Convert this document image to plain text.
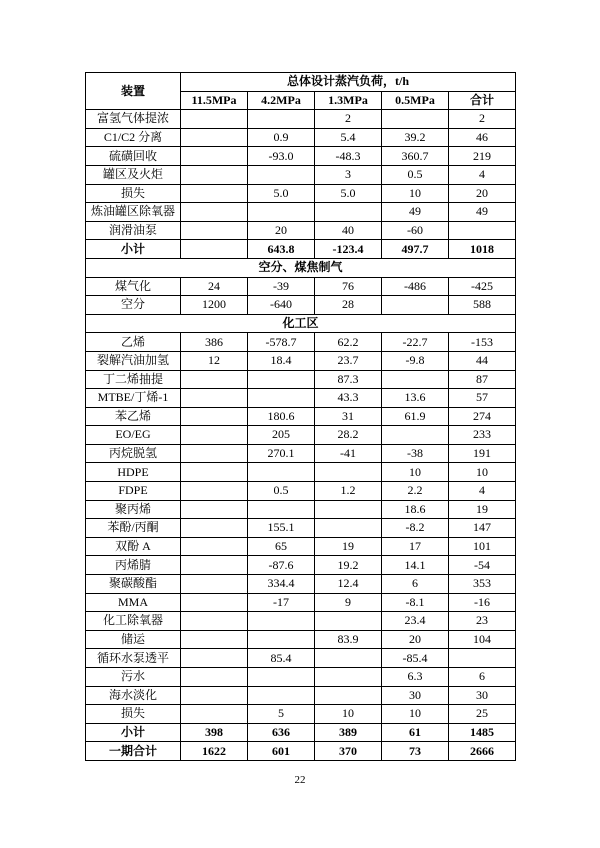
装置	总体设计蒸汽负荷，t/h				
	11.5MPa	4.2MPa	1.3MPa	0.5MPa	合计
富氢气体提浓			2		2
C1/C2 分离		0.9	5.4	39.2	46
硫磺回收		-93.0	-48.3	360.7	219
罐区及火炬			3	0.5	4
损失		5.0	5.0	10	20
炼油罐区除氧器				49	49
润滑油泵		20	40	-60	
小计		643.8	-123.4	497.7	1018
空分、煤焦制气					
煤气化	24	-39	76	-486	-425
空分	1200	-640	28		588
化工区					
乙烯	386	-578.7	62.2	-22.7	-153
裂解汽油加氢	12	18.4	23.7	-9.8	44
丁二烯抽提			87.3		87
MTBE/丁烯-1			43.3	13.6	57
苯乙烯		180.6	31	61.9	274
EO/EG		205	28.2		233
丙烷脱氢		270.1	-41	-38	191
HDPE				10	10
FDPE		0.5	1.2	2.2	4
聚丙烯				18.6	19
苯酚/丙酮		155.1		-8.2	147
双酚 A		65	19	17	101
丙烯腈		-87.6	19.2	14.1	-54
聚碳酸酯		334.4	12.4	6	353
MMA		-17	9	-8.1	-16
化工除氧器				23.4	23
储运			83.9	20	104
循环水泵透平		85.4		-85.4	
污水				6.3	6
海水淡化				30	30
损失		5	10	10	25
小计	398	636	389	61	1485
一期合计	1622	601	370	73	2666
22
